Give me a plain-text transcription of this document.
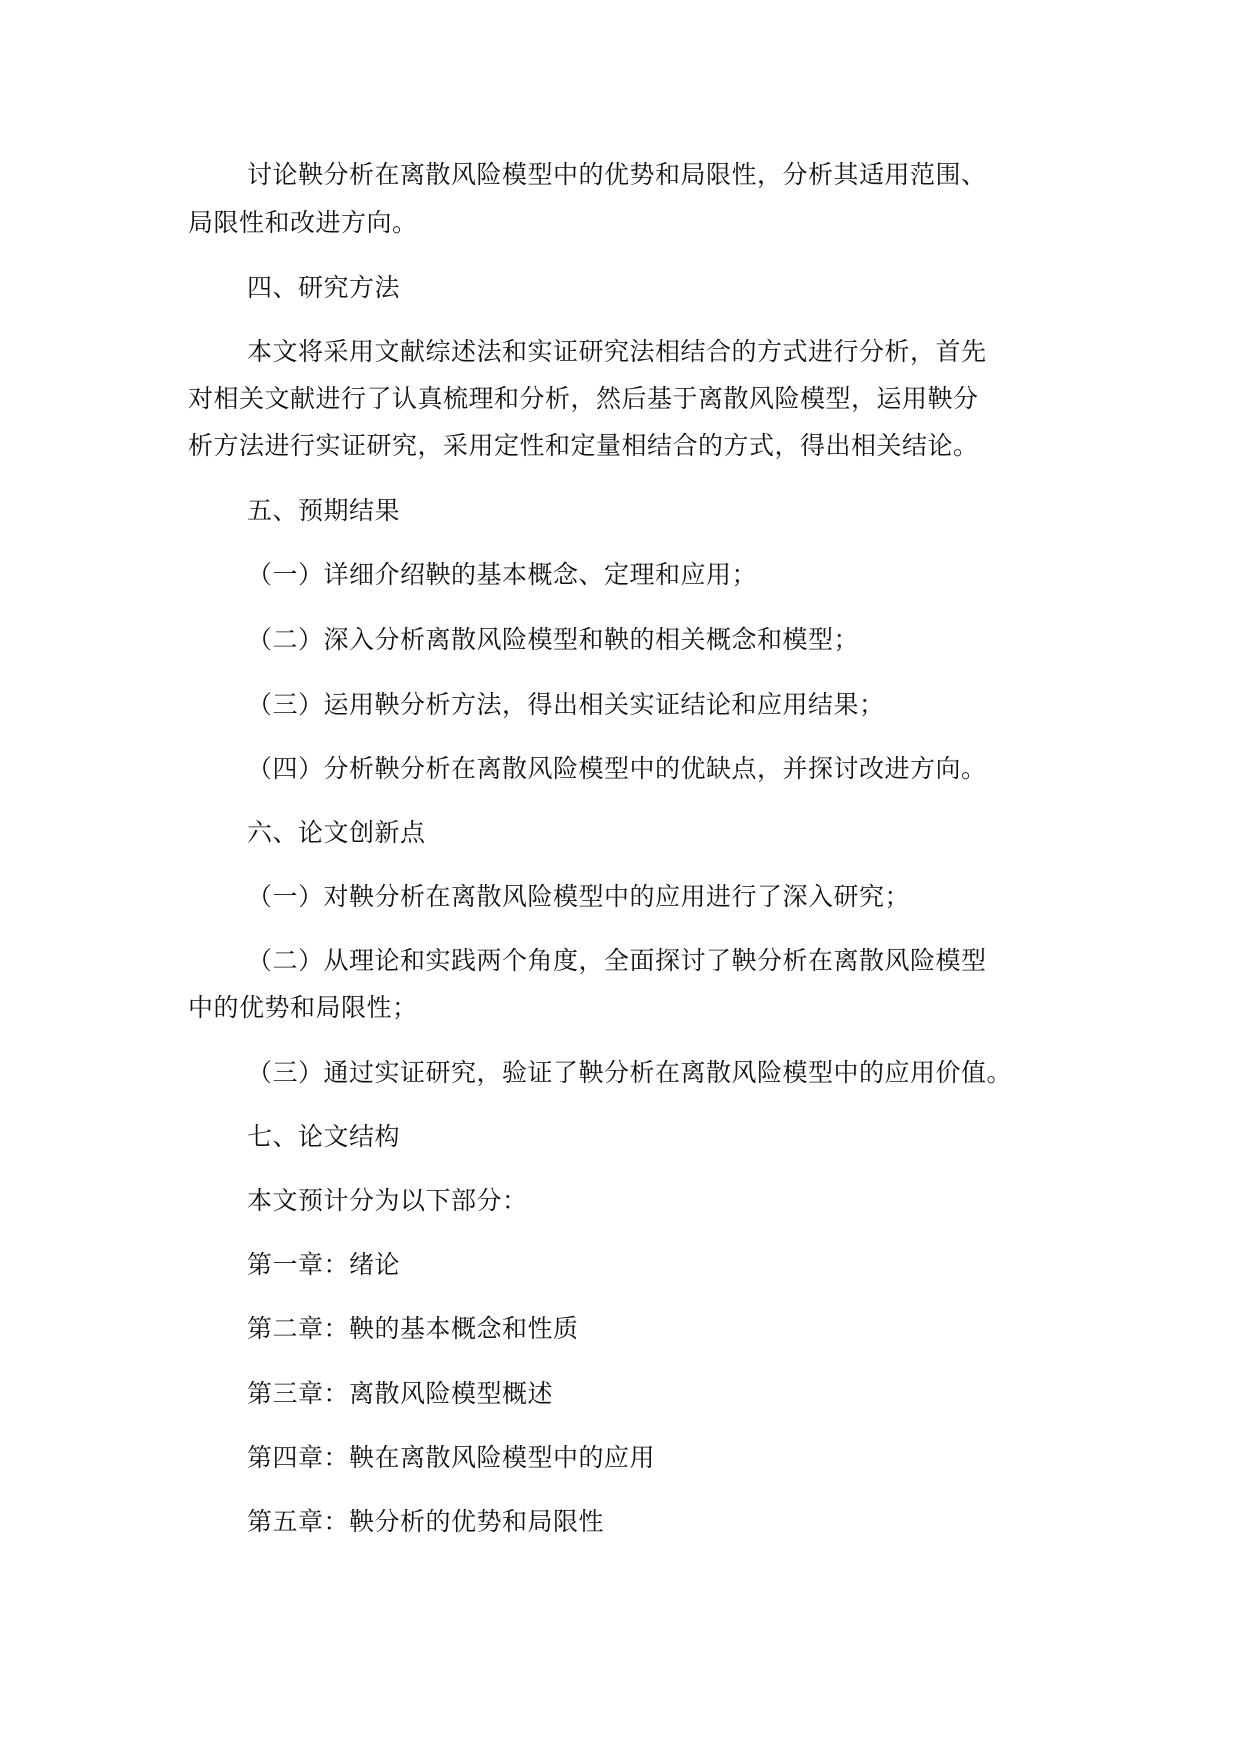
讨论鞅分析在离散风险模型中的优势和局限性，分析其适用范围、
局限性和改进方向。
四、研究方法
本文将采用文献综述法和实证研究法相结合的方式进行分析，首先
对相关文献进行了认真梳理和分析，然后基于离散风险模型，运用鞅分
析方法进行实证研究，采用定性和定量相结合的方式，得出相关结论。
五、预期结果
（一）详细介绍鞅的基本概念、定理和应用；
（二）深入分析离散风险模型和鞅的相关概念和模型；
（三）运用鞅分析方法，得出相关实证结论和应用结果；
（四）分析鞅分析在离散风险模型中的优缺点，并探讨改进方向。
六、论文创新点
（一）对鞅分析在离散风险模型中的应用进行了深入研究；
（二）从理论和实践两个角度，全面探讨了鞅分析在离散风险模型
中的优势和局限性；
（三）通过实证研究，验证了鞅分析在离散风险模型中的应用价值。
七、论文结构
本文预计分为以下部分：
第一章：绪论
第二章：鞅的基本概念和性质
第三章：离散风险模型概述
第四章：鞅在离散风险模型中的应用
第五章：鞅分析的优势和局限性
